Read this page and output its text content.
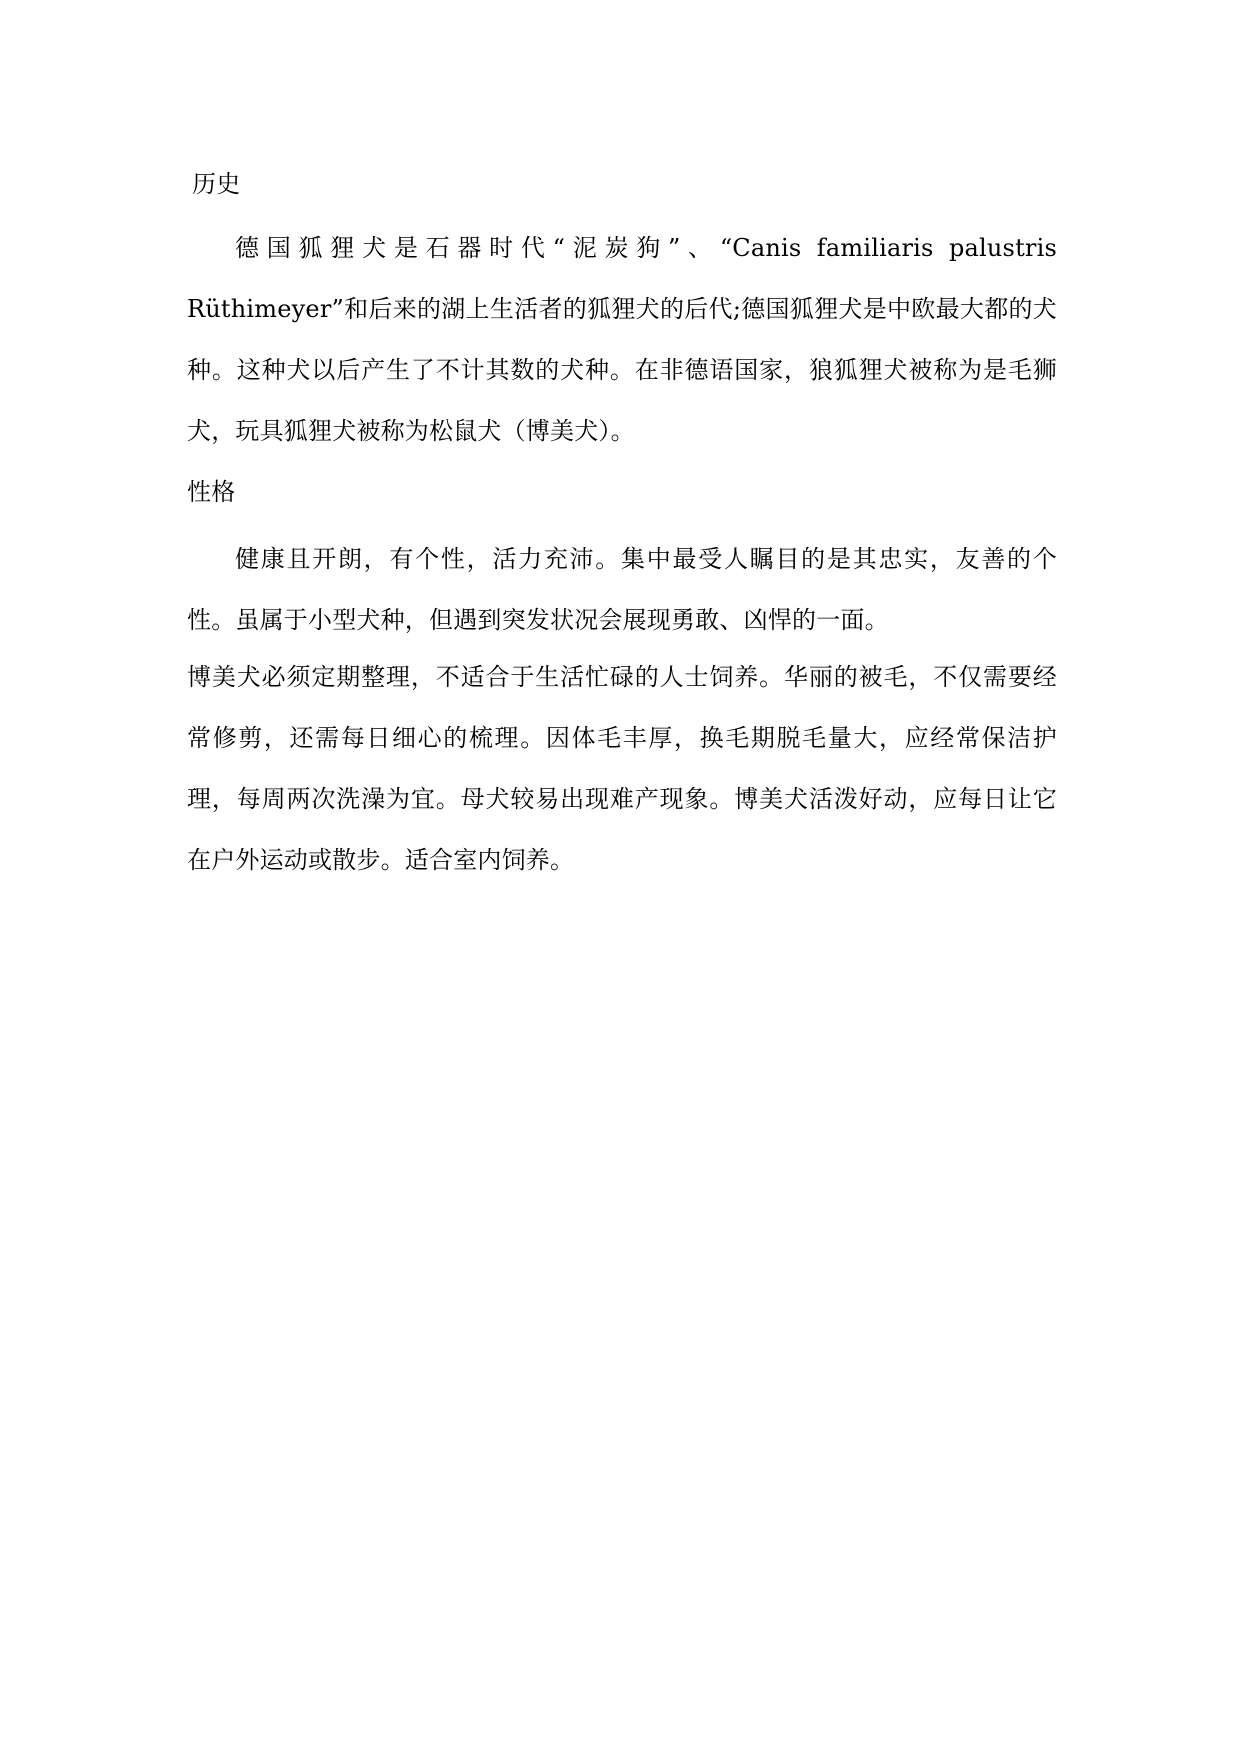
历史

德国狐狸犬是石器时代“泥炭狗”、“Canis familiaris palustris Rüthimeyer”和后来的湖上生活者的狐狸犬的后代;德国狐狸犬是中欧最大都的犬种。这种犬以后产生了不计其数的犬种。在非德语国家，狼狐狸犬被称为是毛狮犬，玩具狐狸犬被称为松鼠犬（博美犬）。

性格

健康且开朗，有个性，活力充沛。集中最受人瞩目的是其忠实，友善的个性。虽属于小型犬种，但遇到突发状况会展现勇敢、凶悍的一面。

博美犬必须定期整理，不适合于生活忙碌的人士饲养。华丽的被毛，不仅需要经常修剪，还需每日细心的梳理。因体毛丰厚，换毛期脱毛量大，应经常保洁护理，每周两次洗澡为宜。母犬较易出现难产现象。博美犬活泼好动，应每日让它在户外运动或散步。适合室内饲养。
